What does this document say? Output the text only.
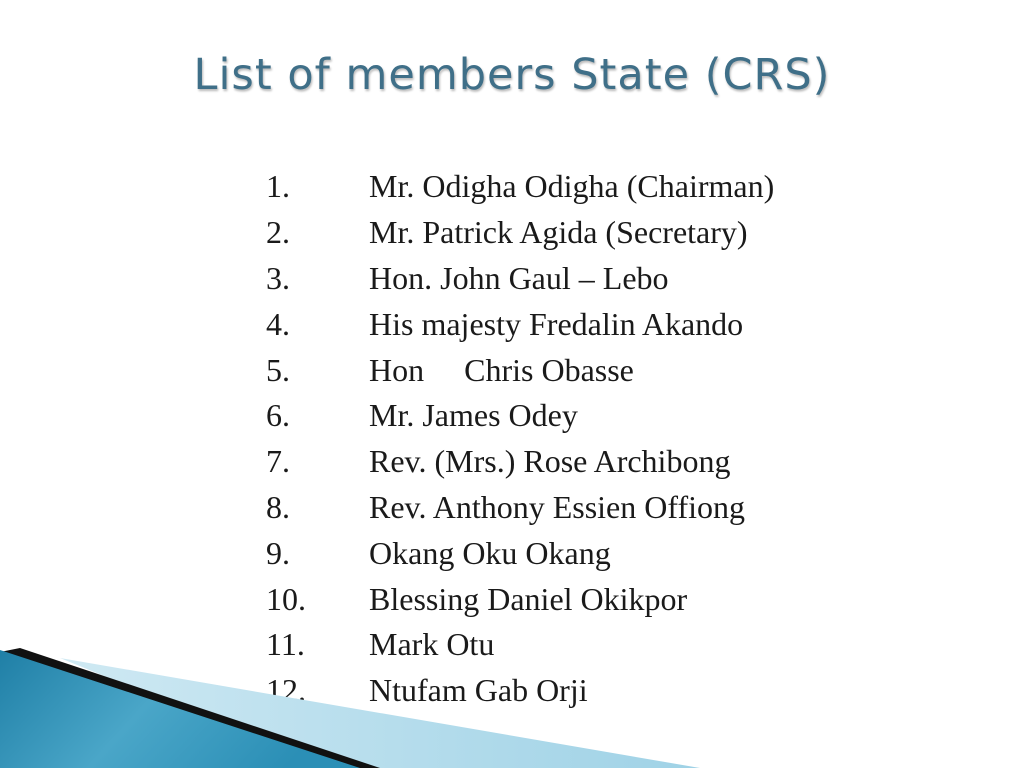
List of members State (CRS)
1.	Mr. Odigha Odigha (Chairman)
2.	Mr. Patrick Agida (Secretary)
3.	Hon. John Gaul – Lebo
4.	His majesty Fredalin Akando
5.	Hon     Chris Obasse
6.	Mr. James Odey
7.	Rev. (Mrs.) Rose Archibong
8.	Rev. Anthony Essien Offiong
9.	Okang Oku Okang
10.	Blessing Daniel Okikpor
11.	Mark Otu
12.	Ntufam Gab Orji
